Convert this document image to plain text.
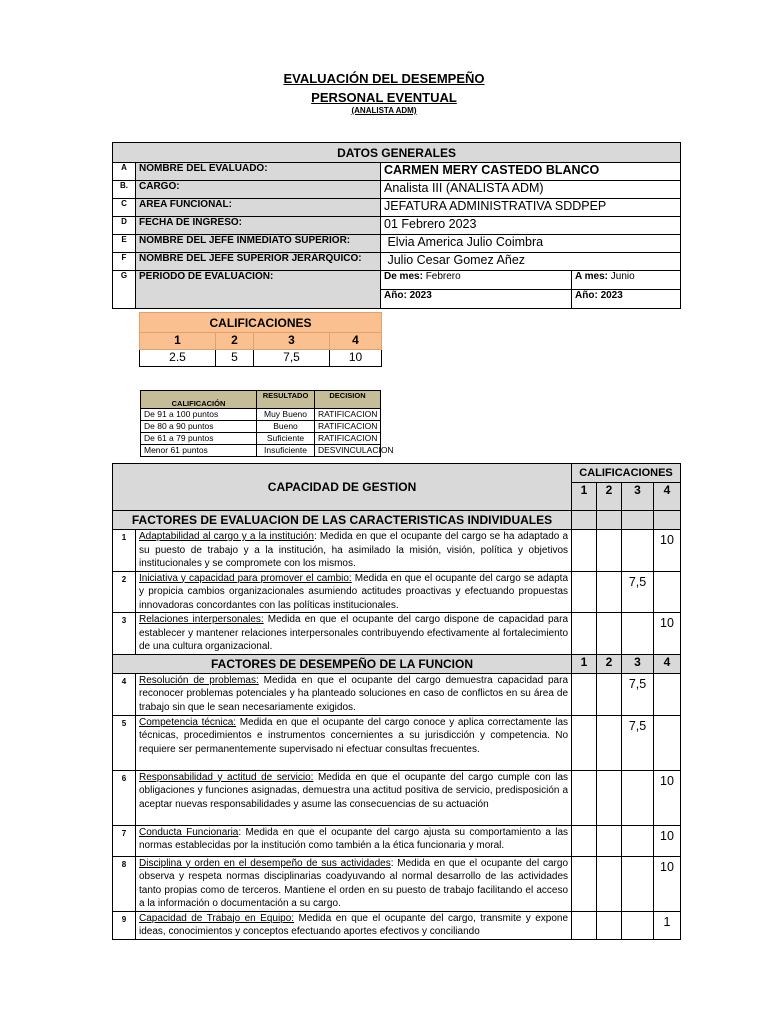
EVALUACIÓN DEL DESEMPEÑO
PERSONAL EVENTUAL
(ANALISTA ADM)
DATOS GENERALES			
A	NOMBRE DEL EVALUADO:	CARMEN MERY CASTEDO BLANCO	
B.	CARGO:	Analista III (ANALISTA ADM)	
C	AREA FUNCIONAL:	JEFATURA ADMINISTRATIVA SDDPEP	
D	FECHA DE INGRESO:	01 Febrero 2023	
E	NOMBRE DEL JEFE INMEDIATO SUPERIOR:	Elvia America Julio Coimbra	
F	NOMBRE DEL JEFE SUPERIOR JERÁRQUICO:	Julio Cesar Gomez Añez	
G	PERIODO DE EVALUACION:	De mes: Febrero	A mes: Junio
		Año: 2023	Año: 2023
CALIFICACIONES			
1	2	3	4
2.5	5	7,5	10
CALIFICACIÓN	RESULTADO	DECISION
De 91 a 100 puntos	Muy Bueno	RATIFICACION
De 80 a 90 puntos	Bueno	RATIFICACION
De 61 a 79 puntos	Suficiente	RATIFICACION
Menor 61 puntos	Insuficiente	DESVINCULACION
CAPACIDAD DE GESTION		CALIFICACIONES			
		1	2	3	4
FACTORES DE EVALUACION DE LAS CARACTERISTICAS INDIVIDUALES					
1	Adaptabilidad al cargo y a la institución: Medida en que el ocupante del cargo se ha adaptado a su puesto de trabajo y a la institución, ha asimilado la misión, visión, política y objetivos institucionales y se compromete con los mismos.				10
2	Iniciativa y capacidad para promover el cambio: Medida en que el ocupante del cargo se adapta y propicia cambios organizacionales asumiendo actitudes proactivas y efectuando propuestas innovadoras concordantes con las políticas institucionales.			7,5	
3	Relaciones interpersonales: Medida en que el ocupante del cargo dispone de capacidad para establecer y mantener relaciones interpersonales contribuyendo efectivamente al fortalecimiento de una cultura organizacional.				10
FACTORES DE DESEMPEÑO DE LA FUNCION		1	2	3	4
4	Resolución de problemas: Medida en que el ocupante del cargo demuestra capacidad para reconocer problemas potenciales y ha planteado soluciones en caso de conflictos en su área de trabajo sin que le sean necesariamente exigidos.			7,5	
5	Competencia técnica: Medida en que el ocupante del cargo conoce y aplica correctamente las técnicas, procedimientos e instrumentos concernientes a su jurisdicción y competencia. No requiere ser permanentemente supervisado ni efectuar consultas frecuentes.			7,5	
6	Responsabilidad y actitud de servicio: Medida en que el ocupante del cargo cumple con las obligaciones y funciones asignadas, demuestra una actitud positiva de servicio, predisposición a aceptar nuevas responsabilidades y asume las consecuencias de su actuación				10
7	Conducta Funcionaria: Medida en que el ocupante del cargo ajusta su comportamiento a las normas establecidas por la institución como también a la ética funcionaria y moral.				10
8	Disciplina y orden en el desempeño de sus actividades: Medida en que el ocupante del cargo observa y respeta normas disciplinarias coadyuvando al normal desarrollo de las actividades tanto propias como de terceros. Mantiene el orden en su puesto de trabajo facilitando el acceso a la información o documentación a su cargo.				10
9	Capacidad de Trabajo en Equipo: Medida en que el ocupante del cargo, transmite y expone ideas, conocimientos y conceptos efectuando aportes efectivos y conciliando				1
